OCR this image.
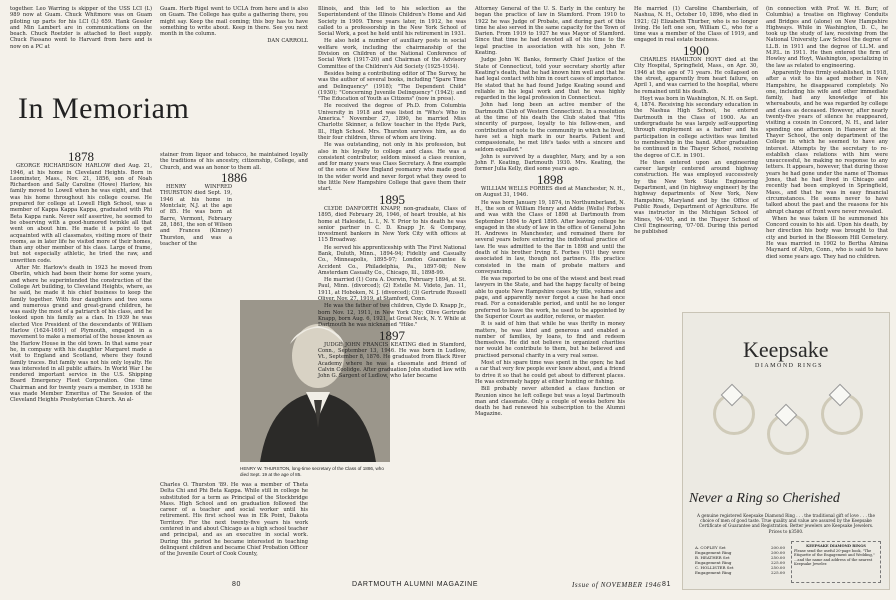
together. Leo Warring is skipper of the USS LCI (L) 989 now at Guam. Chuck Whitmore was on Guam piloting up parts for his LCI (L) 659. Hank Gessler and Min Lambert are in communications on the beach. Chuck Roetzler is attached to fleet supply. Chuck Fassano went to Harvard from here and is now on a PC at

In Memoriam
1878

GEORGE RICHARDSON HARLOW died Aug. 21, 1946, at his home in Cleveland Heights. Born in Leominster, Mass., Nov. 21, 1856, son of Noah Richardson and Sally Caroline (Howe) Harlow, his family moved to Lowell when he was eight, and that was his home throughout his college course. He prepared for college at Lowell High School, was a member of Kappa Kappa Kappa, graduated with Phi Beta Kappa rank. Never self assertive, he seemed to be observing with a good-humored twinkle all that went on about him. He made it a point to get acquainted with all classmates, visiting more of their rooms, as in later life he visited more of their homes, than any other member of his class. Large of frame, but not especially athletic, he tried the raw, and unwritten code.

After Mr. Harlow's death in 1923 he moved from Oberlin, which had been their home for some years, and where he superintended the construction of the College Art building, to Cleveland Heights, where, as he said, he made it his chief business to keep the family together. With four daughters and two sons and numerous grand and great-grand children, he was easily the most of a patriarch of his class, and he looked upon his family as a clan. In 1939 he was elected Vice President of the descendants of William Harlow (1624-1691) of Plymouth, engaged in a movement to make a memorial of the house known as the Harlow House in the old town. In that same year he, in company with his daughter Margaret made a visit to England and Scotland, where they found family traces. But family was not his only loyalty. He was interested in all public affairs. In World War I he rendered important service in the U.S. Shipping Board Emergency Fleet Corporation. One time Chairman and for twenty years a member, in 1938 he was made Member Emeritus of The Session of the Cleveland Heights Presbyterian Church. An al-

Guam. Herb Rigel went to UCLA from here and is also on Guam. The College has quite a gathering there, you might say. Keep the mail coming; this boy has to have something to write about. Keep in there. See you next month in the column.

DAN CARROLL

stainer from liquor and tobacco, he maintained loyally the traditions of his ancestry, citizenship, College, and Church, and was an honor to them all.

1886

HENRY WINFRED THURSTON died Sept. 19, 1946 at his home in Montclair, N.J. at the age of 85. He was born at Barre, Vermont, February 28, 1861, the son of Wilson and Frances (Kinney) Thurston, and was a teacher of the

HENRY W. THURSTON, long-time secretary of the Class of 1886, who died Sept. 19 at the age of 85.

Charles O. Thurston '89. He was a member of Theta Delta Chi and Phi Beta Kappa. While still in college he substituted for a term as Principal of the Stockbridge Mass. High School and on graduation followed the career of a teacher and social worker until his retirement. His first school was in Elk Point, Dakota Territory. For the next twenty-five years his work centered in and about Chicago as a high school teacher and principal, and as an executive in social work. During this period he became interested in teaching delinquent children and became Chief Probation Officer of the Juvenile Court of Cook County,

Illinois, and this led to his selection as the Superintendent of the Illinois Children's Home and Aid Society in 1909. Three years later, in 1912, he was called to a professorship in the New York School of Social Work, a post he held until his retirement in 1931.

He also held a number of auxiliary posts in social welfare work, including the chairmanship of the Division on Children of the National Conference of Social Work (1917-20) and Chairman of the Advisory Committee of the Children's Aid Society (1925-1934).

Besides being a contributing editor of The Survey, he was the author of several books, including "Spare Time and Delinquency" (1918); "The Dependent Child" (1930); "Concerning Juvenile Delinquency" (1942); and "The Education of Youth as Citizens" (now in press).

He received the degree of Ph.D. from Columbia University in 1918 and was listed in "Who's Who in America." November 27, 1890, he married Miss Charlotte Skinner, a fellow teacher in the Hyde Park, Ill., High School. Mrs. Thurston survives him, as do their four children, three of whom are living.

He was outstanding, not only in his profession, but also in his loyalty to college and class. He was a consistent contributor, seldom missed a class reunion, and for many years was Class Secretary. A fine example of the sons of New England yeomanry who made good in the wider world and never forgot what they owed to the little New Hampshire College that gave them their start.

1895

CLYDE DANFORTH KNAPP, non-graduate, Class of 1895, died February 26, 1946, of heart trouble, at his home at Haleside, L. I., N. Y. Prior to his death he was senior partner in C. D. Knapp Jr. & Company, investment bankers in New York City with offices at 115 Broadway.

He served his apprenticeship with The First National Bank, Duluth, Minn., 1894-94; Fidelity and Casualty Co., Minneapolis, 1895-97; London Guarantee & Accident Co., Philadelphia, Pa., 1897-98; New Amsterdam Casualty Co., Chicago, Ill., 1898-99.

He married (1) Cora A. Dorwin, February 1894, at St. Paul, Minn. (divorced); (2) Estelle M. Videto, Jan. 11, 1911, at Hoboken, N. J. (divorced); (3) Gertrude Russell Oliver, Nov. 27, 1919, at Stamford, Conn.

He was the father of two children, Clyde D. Knapp Jr., born Nov. 12, 1911, in New York City; Olive Gertrude Knapp, born Aug. 6, 1921, at Great Neck, N. Y. While at Dartmouth he was nicknamed "Hike."

1897

JUDGE JOHN FRANCIS KEATING died in Stamford, Conn., September 13, 1946. He was born in Ludlow, Vt., September 8, 1876. He graduated from Black River Academy where he was a classmate and friend of Calvin Coolidge. After graduation John studied law with John G. Sargent of Ludlow, who later became

Attorney General of the U. S. Early in the century he began the practice of law in Stamford. From 1910 to 1922 he was Judge of Probate, and during part of this time he also served in the same capacity for the Town of Darien. From 1919 to 1927 he was Mayor of Stamford. Since that time he had devoted all of his time to the legal practise in association with his son, John F. Keating.

Judge John W. Banks, formerly Chief Justice of the State of Connecticut, told your secretary shortly after Keating's death, that he had known him well and that he had legal contact with him in court cases of importance. He stated that he had found Judge Keating sound and reliable in his legal work and that he was highly regarded in the legal profession in Connecticut.

John had long been an active member of the Dartmouth Club of Western Connecticut. In a resolution at the time of his death the Club stated that "His sincerity of purpose, loyalty to his fellow-men, and contribution of note to the community in which he lived, have set a high mark in our hearts. Patient and compassionate, he met life's tasks with a sincere and seldom equalled."

John is survived by a daughter, Mary, and by a son John F. Keating, Dartmouth 1930. Mrs. Keating, the former Julia Kelly, died some years ago.

1898

WILLIAM WELLS FORBES died at Manchester, N. H., on August 31, 1946.

He was born January 19, 1874, in Northumberland, N. H., the son of William Henry and Addie (Wells) Forbes and was with the Class of 1898 at Dartmouth from September 1894 to April 1895. After leaving college he engaged in the study of law in the office of General John H. Andrews in Manchester, and remained there for several years before entering the individual practice of law. He was admitted to the Bar in 1898 and until the death of his brother Irving E. Forbes ('01) they were associated in law, though not partners. His practice consisted in the main of probate matters and conveyancing.

He was reported to be one of the wisest and best read lawyers in the State, and had the happy faculty of being able to quote New Hampshire cases by title, volume and page, and apparently never forgot a case he had once read. For a considerable period, and until he no longer preferred to leave the work, he used to be appointed by the Superior Court as auditor, referee, or master.

It is said of him that while he was thrifty in money matters, he was kind and generous and enabled a number of families, by loans, to find and redeem themselves. He did not believe in organized charities nor would he contribute to them, but he believed and practised personal charity in a very real sense.

Most of his spare time was spent in the open; he had a car that very few people ever knew about, and a friend to drive it so that he could get about to different places. He was extremely happy at either hunting or fishing.

Bill probably never attended a class function or Reunion since he left college but was a loyal Dartmouth man and classmate. Only a couple of weeks before his death he had renewed his subscription to the Alumni Magazine.

He married (1) Caroline Chamberlain, of Nashua, N. H., October 10, 1896, who died in 1921; (2) Elizabeth Thurber, who is no longer living. He left one son, William C., who for a time was a member of the Class of 1919, and engaged in real estate business.

1900

CHARLES HAMILTON HOYT died at the City Hospital, Springfield, Mass., on Apr. 30, 1946 at the age of 71 years. He collapsed on the street, apparently from heart failure, on April 1, and was carried to the hospital, where he remained until his death.

Hoyt was born in Washington, N. H. on Sept. 4, 1874. Receiving his secondary education in the Nashua High School, he entered Dartmouth in the Class of 1900. As an undergraduate he was largely self-supporting through employment as a barber and his participation in college activities was limited to membership in the band. After graduation he continued in the Thayer School, receiving the degree of C.E. in 1901.

He then entered upon an engineering career largely centered around highway construction. He was employed successively by the New York State Engineering Department, and (in highway engineer) by the highway departments of New York, New Hampshire, Maryland and by the Office of Public Roads, Department of Agriculture. He was instructor in the Michigan School of Mines, '04-'05, and in the Thayer School of Civil Engineering, '07-'08. During this period he published

(in connection with Prof. W. H. Burr, of Columbia) a treatise on Highway Conduits and Bridges and (alone) on New Hampshire Highways. While in Washington, D. C., he took up the study of law, receiving from the National University Law School the degree of LL.B. in 1911 and the degree of LL.M. and M.P.L. in 1911. He then entered the firm of Howley and Hoyt, Washington, specializing in the law as related to engineering.

Apparently thus firmly established, in 1918, after a visit to his aged mother in New Hampshire, he disappeared completely. No one, including his wife and other immediate family, had any knowledge of his whereabouts, and he was regarded by college and class as deceased. However, after nearly twenty-five years of silence he reappeared, visiting a cousin in Concord, N. H., and later spending one afternoon in Hanover at the Thayer School, the only department of the College in which he seemed to have any interest. Attempts by the secretary to re-establish class relations with him were unsuccessful, he making no response to any letters. It appears, however, that during those years he had gone under the name of Thomas Jones, that he had lived in Chicago and recently had been employed in Springfield, Mass., and that he was in easy financial circumstances. He seems never to have talked about the past and the reasons for his abrupt change of front were never revealed.

When he was taken ill he summoned his Concord cousin to his aid. Upon his death, by her direction his body was brought to that city and buried in the Blossom Hill Cemetery. He was married in 1902 to Bertha Almina Maynard of Allyn, Conn., who is said to have died some years ago. They had no children.

Keepsake
DIAMOND RINGS
Never a Ring so Cherished
A genuine registered Keepsake Diamond Ring . . . the traditional gift of love . . . the choice of men of good taste. True quality and value are assured by the Keepsake Certificate of Guarantee and Registration. Better jewelers are Keepsake Jewelers. Prices to $3500.
A. COPLEY Set	200.00
Engagement Ring	200.00
B. HEATHER Set	250.00
Engagement Ring	225.00
C. HOLLISTER Set	250.00
Engagement Ring	225.00
KEEPSAKE DIAMOND RINGS
Please send the useful 20-page book, "The Etiquette of the Engagement and Wedding," ...and the name and address of the nearest Keepsake Jeweler.
80	DARTMOUTH ALUMNI MAGAZINE	Issue of NOVEMBER 1946 81
